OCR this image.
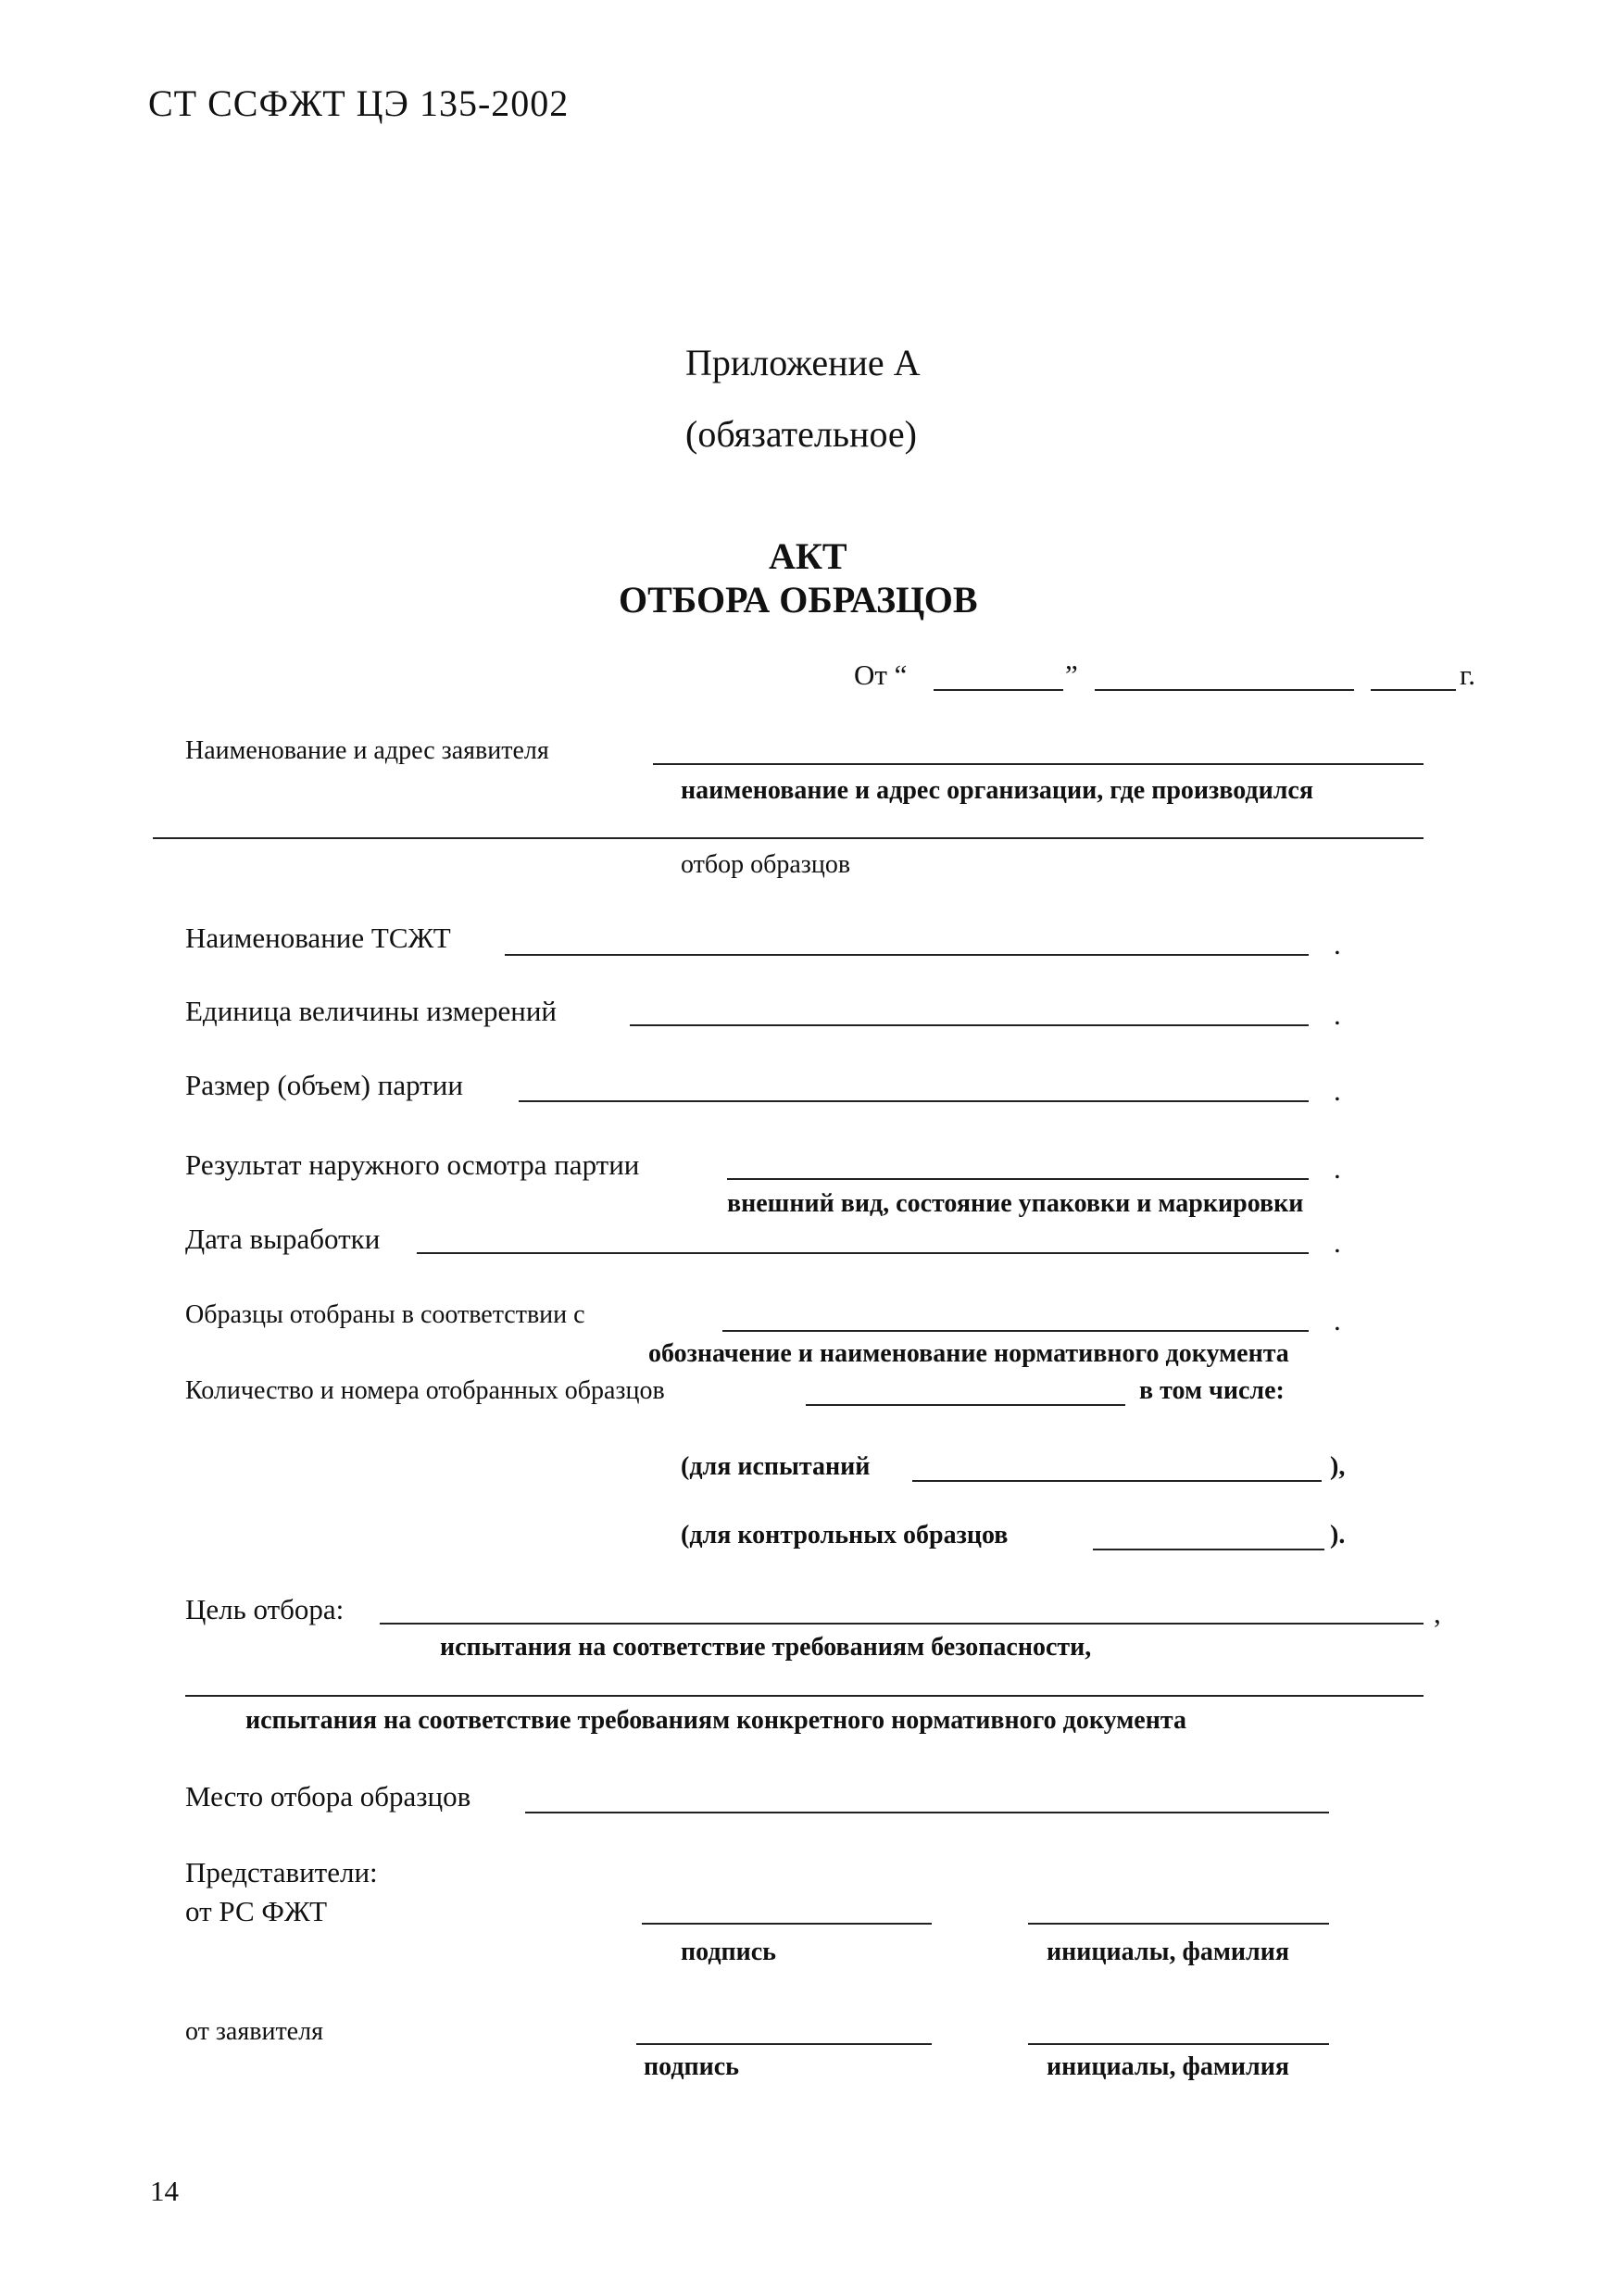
СТ ССФЖТ ЦЭ 135-2002
Приложение А
(обязательное)
АКТ
ОТБОРА ОБРАЗЦОВ
От “	”	г.
Наименование и адрес заявителя
наименование и адрес организации, где производился
отбор образцов
Наименование ТСЖТ	.
Единица величины измерений	.
Размер (объем) партии	.
Результат наружного осмотра партии	.
внешний вид, состояние упаковки и маркировки
Дата выработки	.
Образцы отобраны в соответствии с	.
обозначение и наименование нормативного документа
Количество и номера отобранных образцов	в том числе:
(для испытаний	),
(для контрольных образцов	).
Цель отбора:	,
испытания на соответствие требованиям безопасности,
испытания на соответствие требованиям конкретного нормативного документа
Место отбора образцов
Представители:
от РС ФЖТ
подпись	инициалы, фамилия
от заявителя
подпись	инициалы, фамилия
14
